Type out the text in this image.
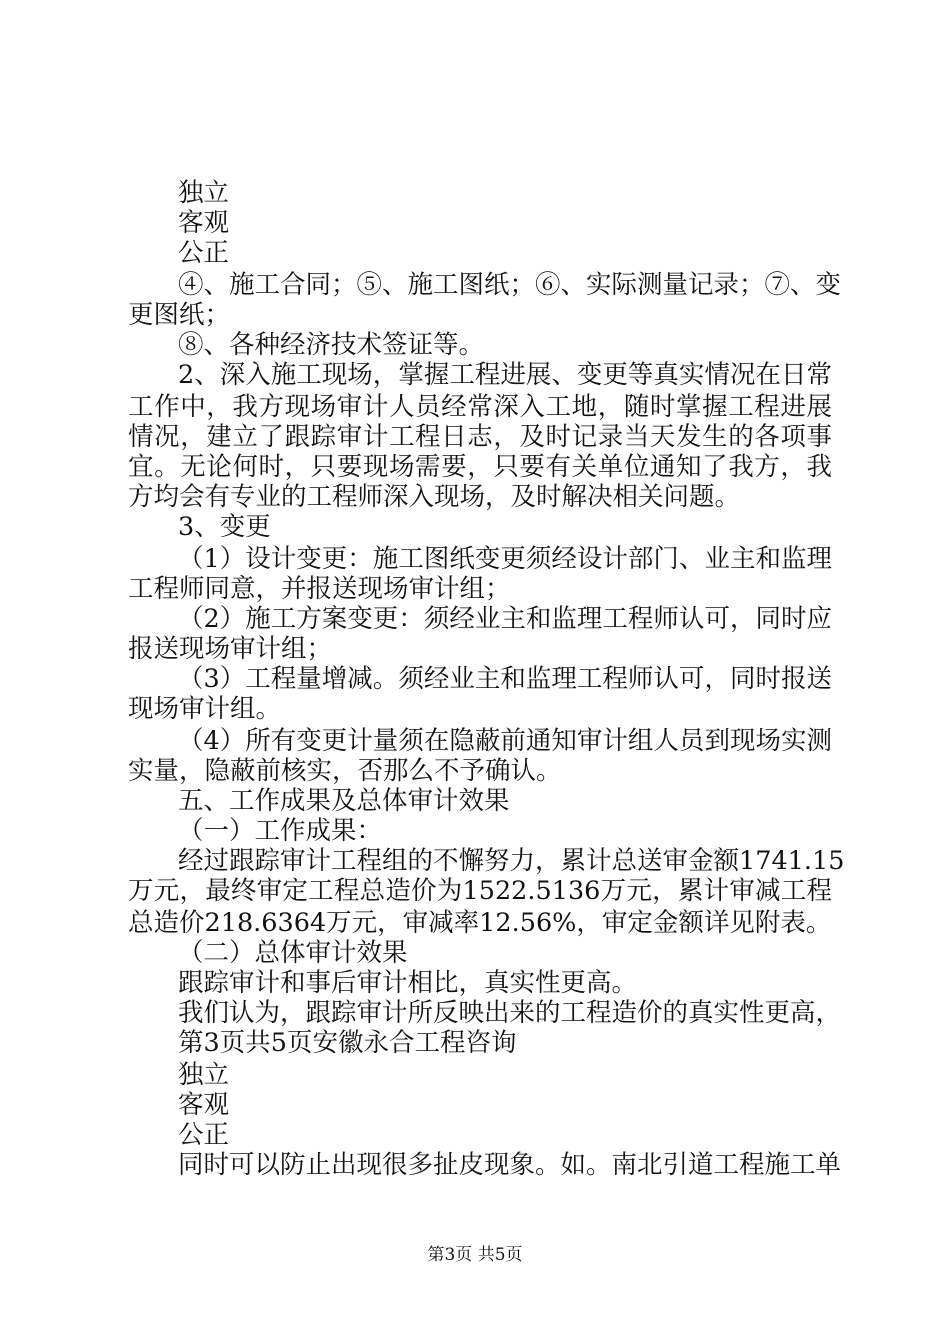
独立

客观

公正

④、施工合同；⑤、施工图纸；⑥、实际测量记录；⑦、变

更图纸；

⑧、各种经济技术签证等。

2、深入施工现场，掌握工程进展、变更等真实情况在日常

工作中，我方现场审计人员经常深入工地，随时掌握工程进展

情况，建立了跟踪审计工程日志，及时记录当天发生的各项事

宜。无论何时，只要现场需要，只要有关单位通知了我方，我

方均会有专业的工程师深入现场，及时解决相关问题。

3、变更

（1）设计变更：施工图纸变更须经设计部门、业主和监理

工程师同意，并报送现场审计组；

（2）施工方案变更：须经业主和监理工程师认可，同时应

报送现场审计组；

（3）工程量增减。须经业主和监理工程师认可，同时报送

现场审计组。

（4）所有变更计量须在隐蔽前通知审计组人员到现场实测

实量，隐蔽前核实，否那么不予确认。

五、工作成果及总体审计效果

（一）工作成果：

经过跟踪审计工程组的不懈努力，累计总送审金额1741.15

万元，最终审定工程总造价为1522.5136万元，累计审减工程

总造价218.6364万元，审减率12.56%，审定金额详见附表。

（二）总体审计效果

跟踪审计和事后审计相比，真实性更高。

我们认为，跟踪审计所反映出来的工程造价的真实性更高，

第3页共5页安徽永合工程咨询

独立

客观

公正

同时可以防止出现很多扯皮现象。如。南北引道工程施工单

第3页 共5页
